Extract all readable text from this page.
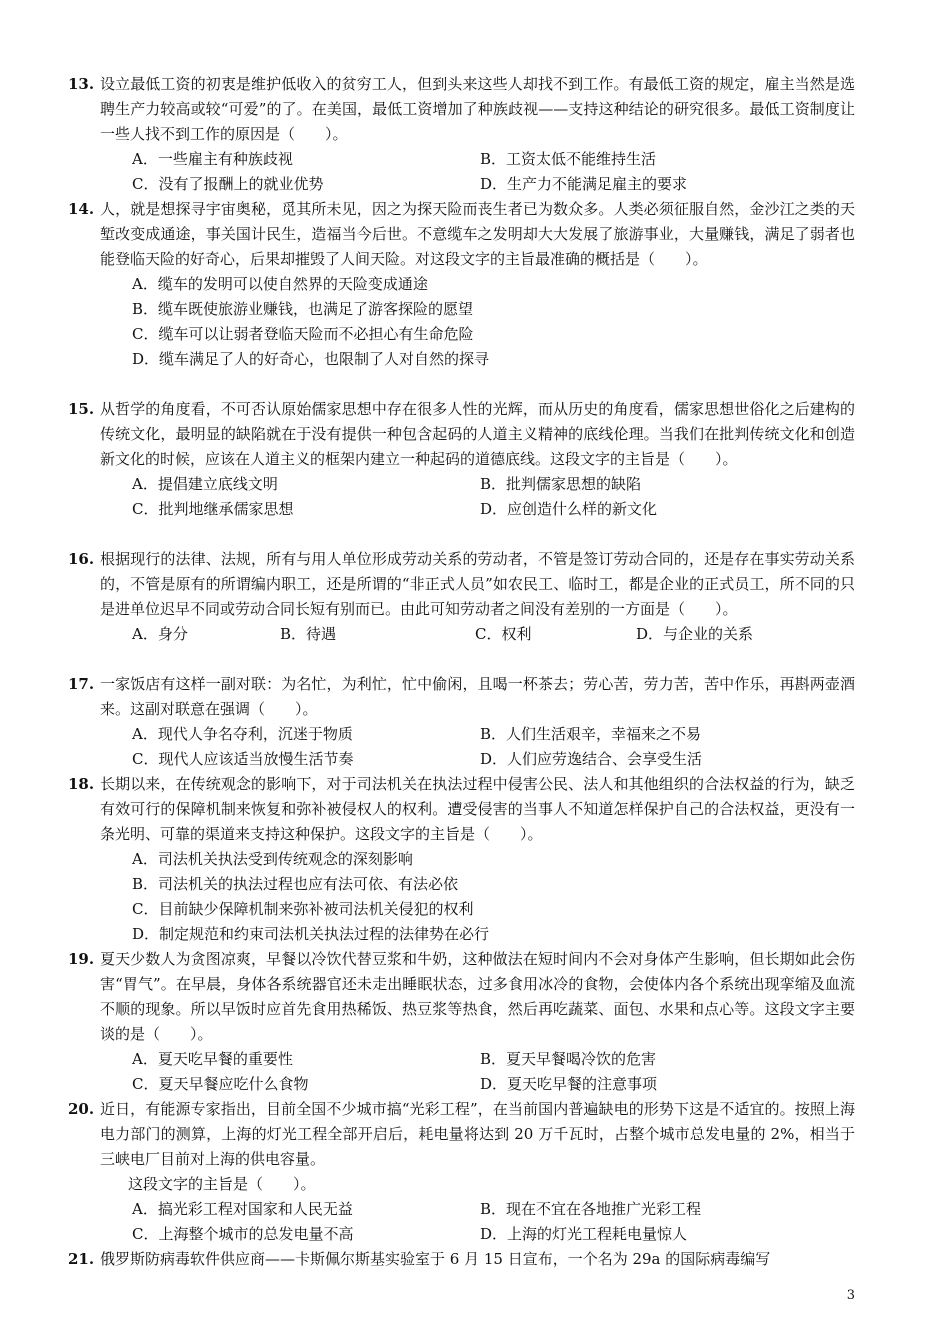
13. 设立最低工资的初衷是维护低收入的贫穷工人，但到头来这些人却找不到工作。有最低工资的规定，雇主当然是选聘生产力较高或较“可爱”的了。在美国，最低工资增加了种族歧视——支持这种结论的研究很多。最低工资制度让一些人找不到工作的原因是（　　）。
A．一些雇主有种族歧视	B．工资太低不能维持生活
C．没有了报酬上的就业优势	D．生产力不能满足雇主的要求
14. 人，就是想探寻宇宙奥秘，觅其所未见，因之为探天险而丧生者已为数众多。人类必须征服自然，金沙江之类的天堑改变成通途，事关国计民生，造福当今后世。不意缆车之发明却大大发展了旅游事业，大量赚钱，满足了弱者也能登临天险的好奇心，后果却摧毁了人间天险。对这段文字的主旨最准确的概括是（　　）。
A．缆车的发明可以使自然界的天险变成通途
B．缆车既使旅游业赚钱，也满足了游客探险的愿望
C．缆车可以让弱者登临天险而不必担心有生命危险
D．缆车满足了人的好奇心，也限制了人对自然的探寻
15. 从哲学的角度看，不可否认原始儒家思想中存在很多人性的光辉，而从历史的角度看，儒家思想世俗化之后建构的传统文化，最明显的缺陷就在于没有提供一种包含起码的人道主义精神的底线伦理。当我们在批判传统文化和创造新文化的时候，应该在人道主义的框架内建立一种起码的道德底线。这段文字的主旨是（　　）。
A．提倡建立底线文明	B．批判儒家思想的缺陷
C．批判地继承儒家思想	D．应创造什么样的新文化
16. 根据现行的法律、法规，所有与用人单位形成劳动关系的劳动者，不管是签订劳动合同的，还是存在事实劳动关系的，不管是原有的所谓编内职工，还是所谓的“非正式人员”如农民工、临时工，都是企业的正式员工，所不同的只是进单位迟早不同或劳动合同长短有别而已。由此可知劳动者之间没有差别的一方面是（　　）。
A．身分	B．待遇	C．权利	D．与企业的关系
17. 一家饭店有这样一副对联：为名忙，为利忙，忙中偷闲，且喝一杯茶去；劳心苦，劳力苦，苦中作乐，再斟两壶酒来。这副对联意在强调（　　）。
A．现代人争名夺利，沉迷于物质	B．人们生活艰辛，幸福来之不易
C．现代人应该适当放慢生活节奏	D．人们应劳逸结合、会享受生活
18. 长期以来，在传统观念的影响下，对于司法机关在执法过程中侵害公民、法人和其他组织的合法权益的行为，缺乏有效可行的保障机制来恢复和弥补被侵权人的权利。遭受侵害的当事人不知道怎样保护自己的合法权益，更没有一条光明、可靠的渠道来支持这种保护。这段文字的主旨是（　　）。
A．司法机关执法受到传统观念的深刻影响
B．司法机关的执法过程也应有法可依、有法必依
C．目前缺少保障机制来弥补被司法机关侵犯的权利
D．制定规范和约束司法机关执法过程的法律势在必行
19. 夏天少数人为贪图凉爽，早餐以冷饮代替豆浆和牛奶，这种做法在短时间内不会对身体产生影响，但长期如此会伤害“胃气”。在早晨，身体各系统器官还未走出睡眠状态，过多食用冰冷的食物，会使体内各个系统出现挛缩及血流不顺的现象。所以早饭时应首先食用热稀饭、热豆浆等热食，然后再吃蔬菜、面包、水果和点心等。这段文字主要谈的是（　　）。
A．夏天吃早餐的重要性	B．夏天早餐喝冷饮的危害
C．夏天早餐应吃什么食物	D．夏天吃早餐的注意事项
20. 近日，有能源专家指出，目前全国不少城市搞“光彩工程”，在当前国内普遍缺电的形势下这是不适宜的。按照上海电力部门的测算，上海的灯光工程全部开启后，耗电量将达到 20 万千瓦时，占整个城市总发电量的 2%，相当于三峡电厂目前对上海的供电容量。
这段文字的主旨是（　　）。
A．搞光彩工程对国家和人民无益	B．现在不宜在各地推广光彩工程
C．上海整个城市的总发电量不高	D．上海的灯光工程耗电量惊人
21. 俄罗斯防病毒软件供应商——卡斯佩尔斯基实验室于 6 月 15 日宣布，一个名为 29a 的国际病毒编写
3
